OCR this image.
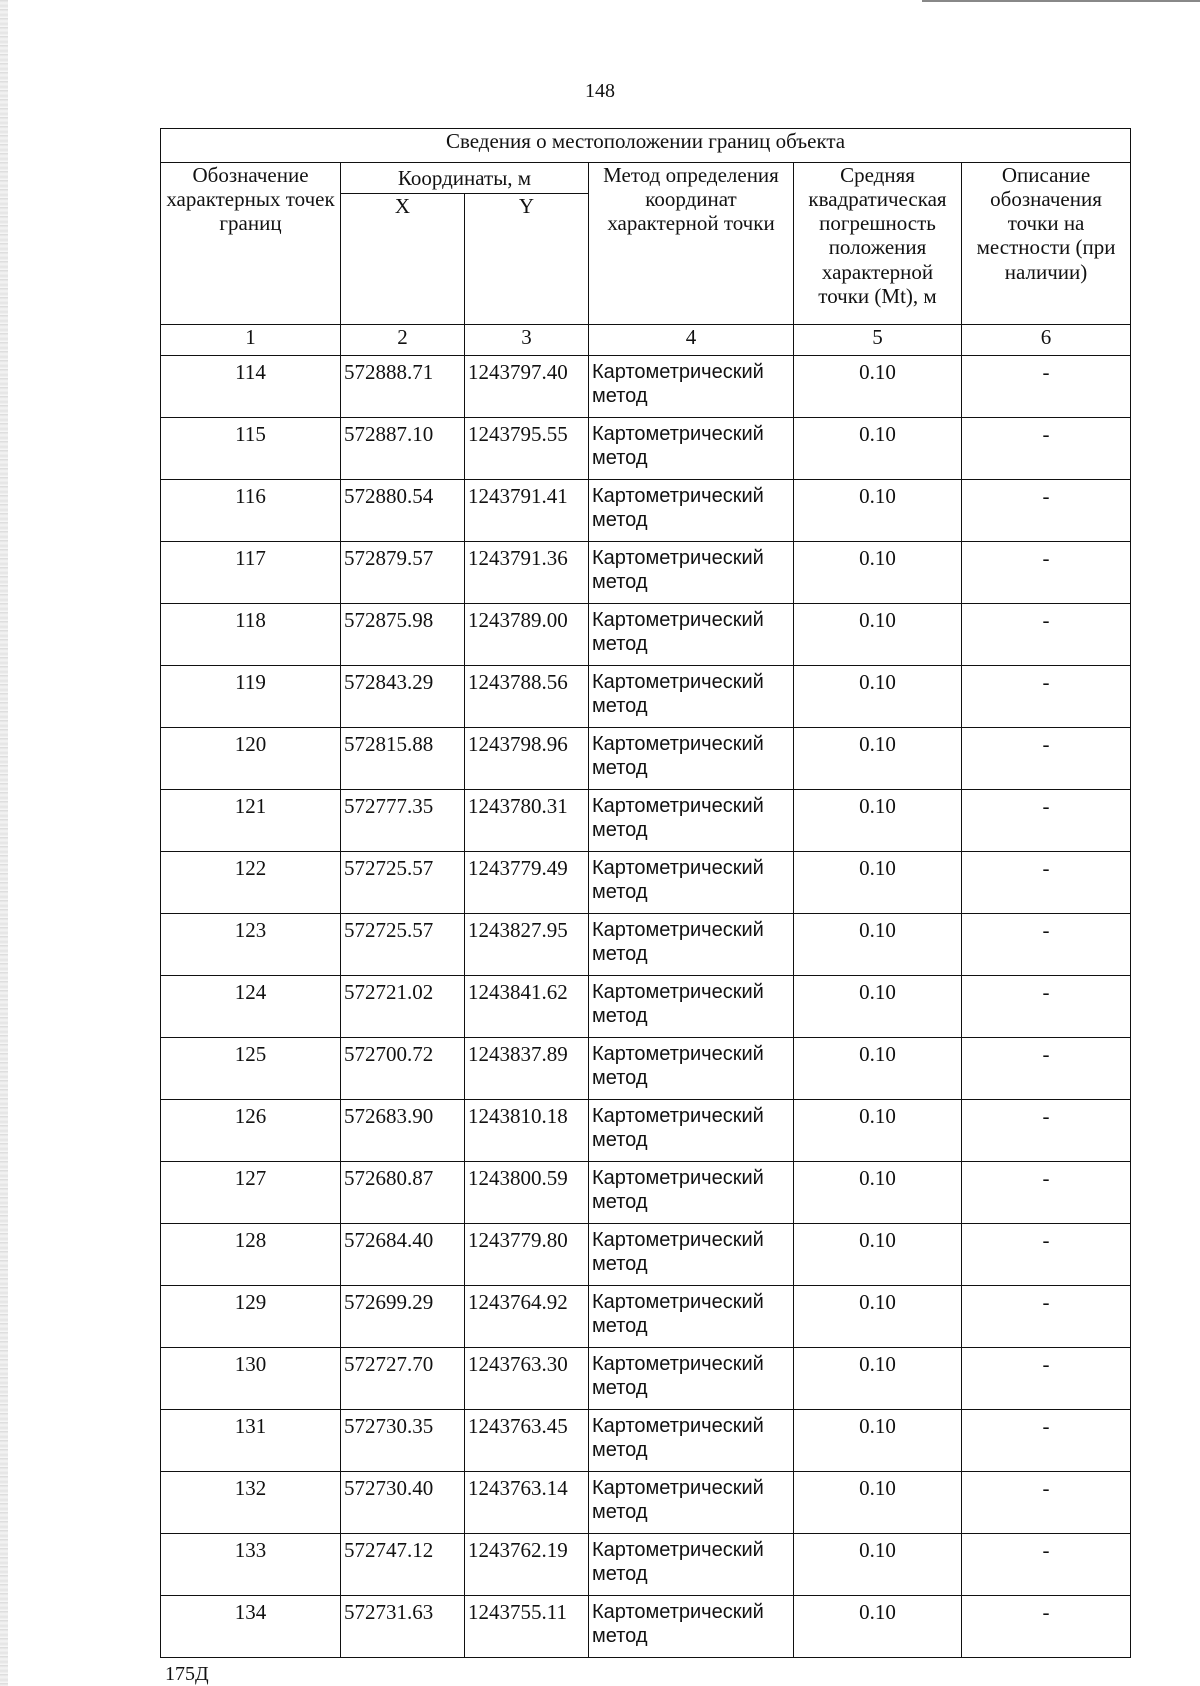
148
Сведения о местоположении границ объекта					
Обозначение характерных точек границ	Координаты, м		Метод определения координат характерной точки	Средняя квадратическая погрешность положения характерной точки (Mt), м	Описание обозначения точки на местности (при наличии)
	X	Y			
1	2	3	4	5	6
114	572888.71	1243797.40	Картометрический метод	0.10	-
115	572887.10	1243795.55	Картометрический метод	0.10	-
116	572880.54	1243791.41	Картометрический метод	0.10	-
117	572879.57	1243791.36	Картометрический метод	0.10	-
118	572875.98	1243789.00	Картометрический метод	0.10	-
119	572843.29	1243788.56	Картометрический метод	0.10	-
120	572815.88	1243798.96	Картометрический метод	0.10	-
121	572777.35	1243780.31	Картометрический метод	0.10	-
122	572725.57	1243779.49	Картометрический метод	0.10	-
123	572725.57	1243827.95	Картометрический метод	0.10	-
124	572721.02	1243841.62	Картометрический метод	0.10	-
125	572700.72	1243837.89	Картометрический метод	0.10	-
126	572683.90	1243810.18	Картометрический метод	0.10	-
127	572680.87	1243800.59	Картометрический метод	0.10	-
128	572684.40	1243779.80	Картометрический метод	0.10	-
129	572699.29	1243764.92	Картометрический метод	0.10	-
130	572727.70	1243763.30	Картометрический метод	0.10	-
131	572730.35	1243763.45	Картометрический метод	0.10	-
132	572730.40	1243763.14	Картометрический метод	0.10	-
133	572747.12	1243762.19	Картометрический метод	0.10	-
134	572731.63	1243755.11	Картометрический метод	0.10	-
175Д
